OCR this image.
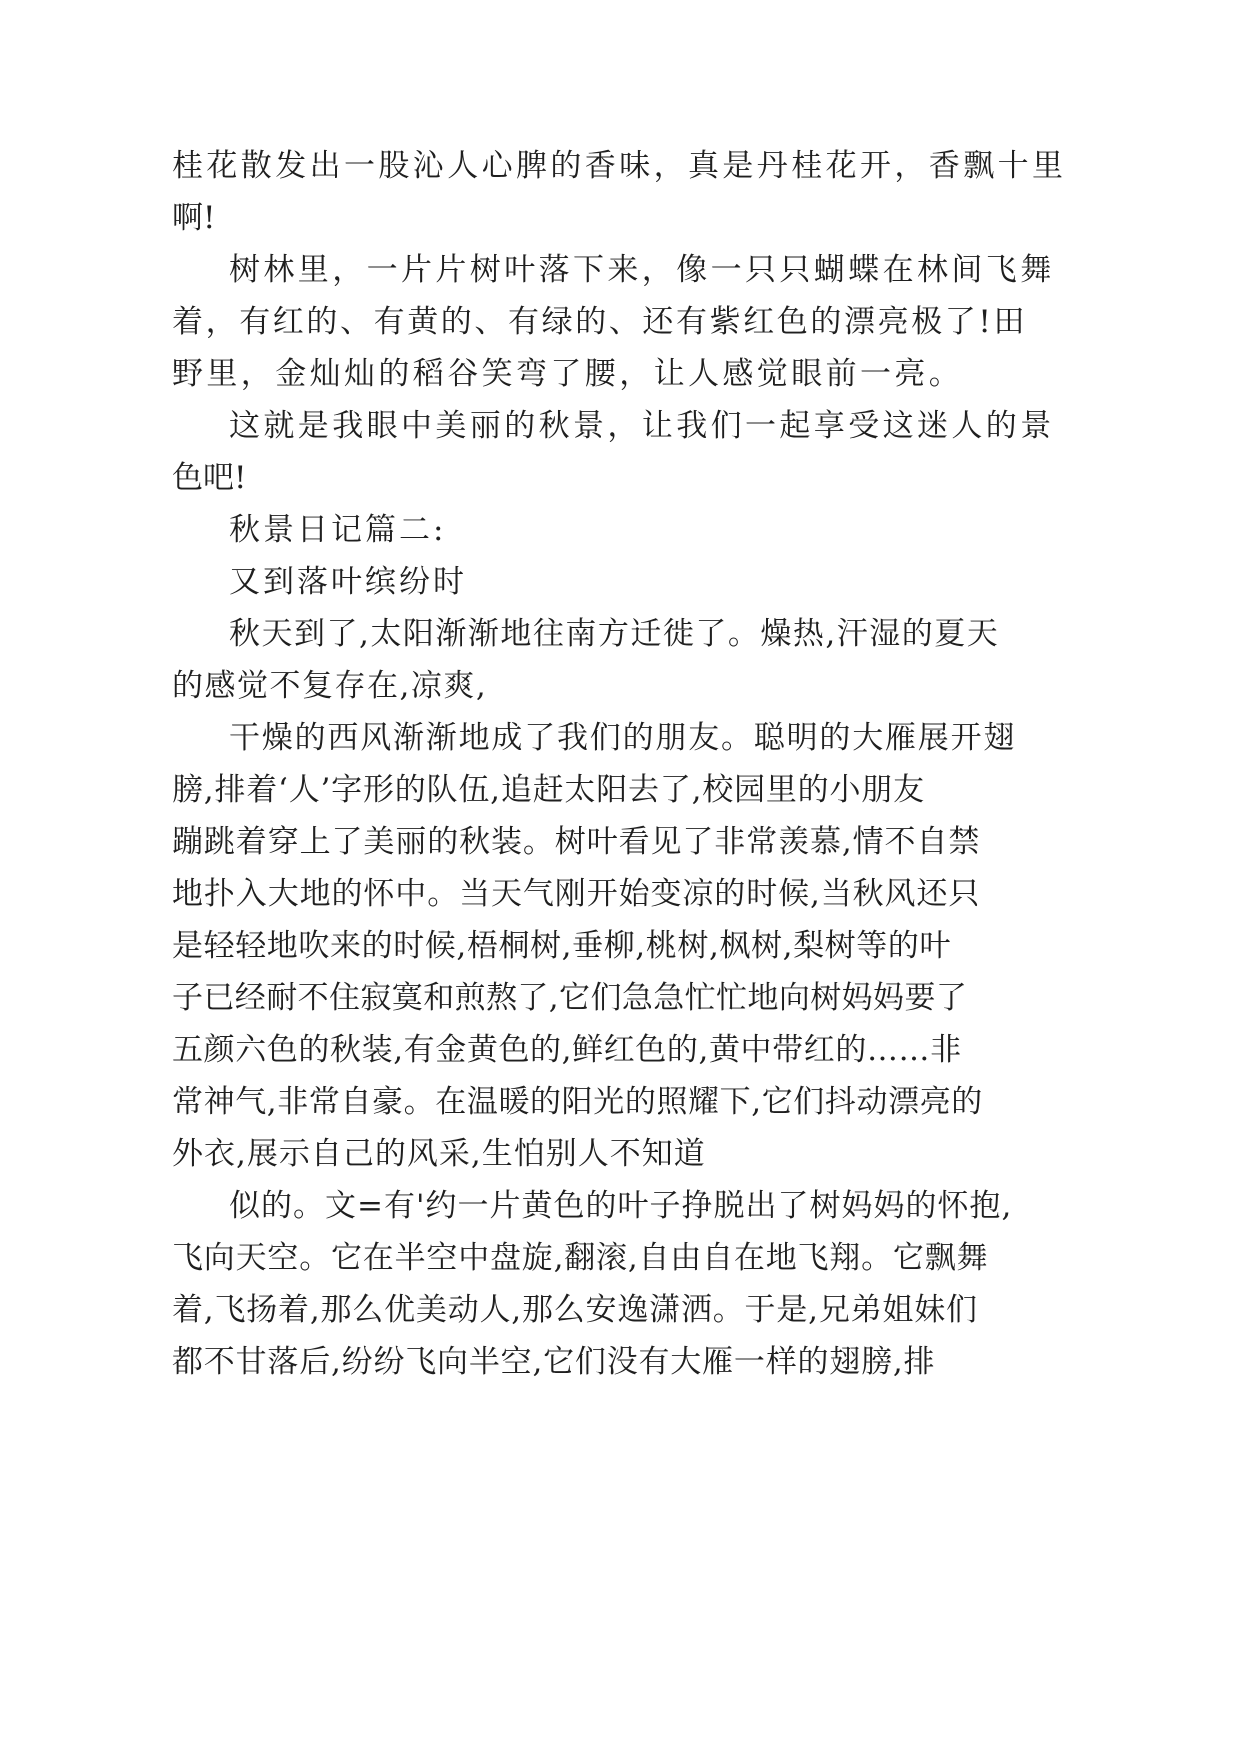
桂花散发出一股沁人心脾的香味，真是丹桂花开，香飘十里

啊!

树林里，一片片树叶落下来，像一只只蝴蝶在林间飞舞

着，有红的、有黄的、有绿的、还有紫红色的漂亮极了!田

野里，金灿灿的稻谷笑弯了腰，让人感觉眼前一亮。

这就是我眼中美丽的秋景，让我们一起享受这迷人的景

色吧!

秋景日记篇二:

又到落叶缤纷时

秋天到了,太阳渐渐地往南方迁徙了。燥热,汗湿的夏天

的感觉不复存在,凉爽,

干燥的西风渐渐地成了我们的朋友。聪明的大雁展开翅

膀,排着‘人’字形的队伍,追赶太阳去了,校园里的小朋友

蹦跳着穿上了美丽的秋装。树叶看见了非常羡慕,情不自禁

地扑入大地的怀中。当天气刚开始变凉的时候,当秋风还只

是轻轻地吹来的时候,梧桐树,垂柳,桃树,枫树,梨树等的叶

子已经耐不住寂寞和煎熬了,它们急急忙忙地向树妈妈要了

五颜六色的秋装,有金黄色的,鲜红色的,黄中带红的……非

常神气,非常自豪。在温暖的阳光的照耀下,它们抖动漂亮的

外衣,展示自己的风采,生怕别人不知道

似的。文=有'约一片黄色的叶子挣脱出了树妈妈的怀抱,

飞向天空。它在半空中盘旋,翻滚,自由自在地飞翔。它飘舞

着,飞扬着,那么优美动人,那么安逸潇洒。于是,兄弟姐妹们

都不甘落后,纷纷飞向半空,它们没有大雁一样的翅膀,排
